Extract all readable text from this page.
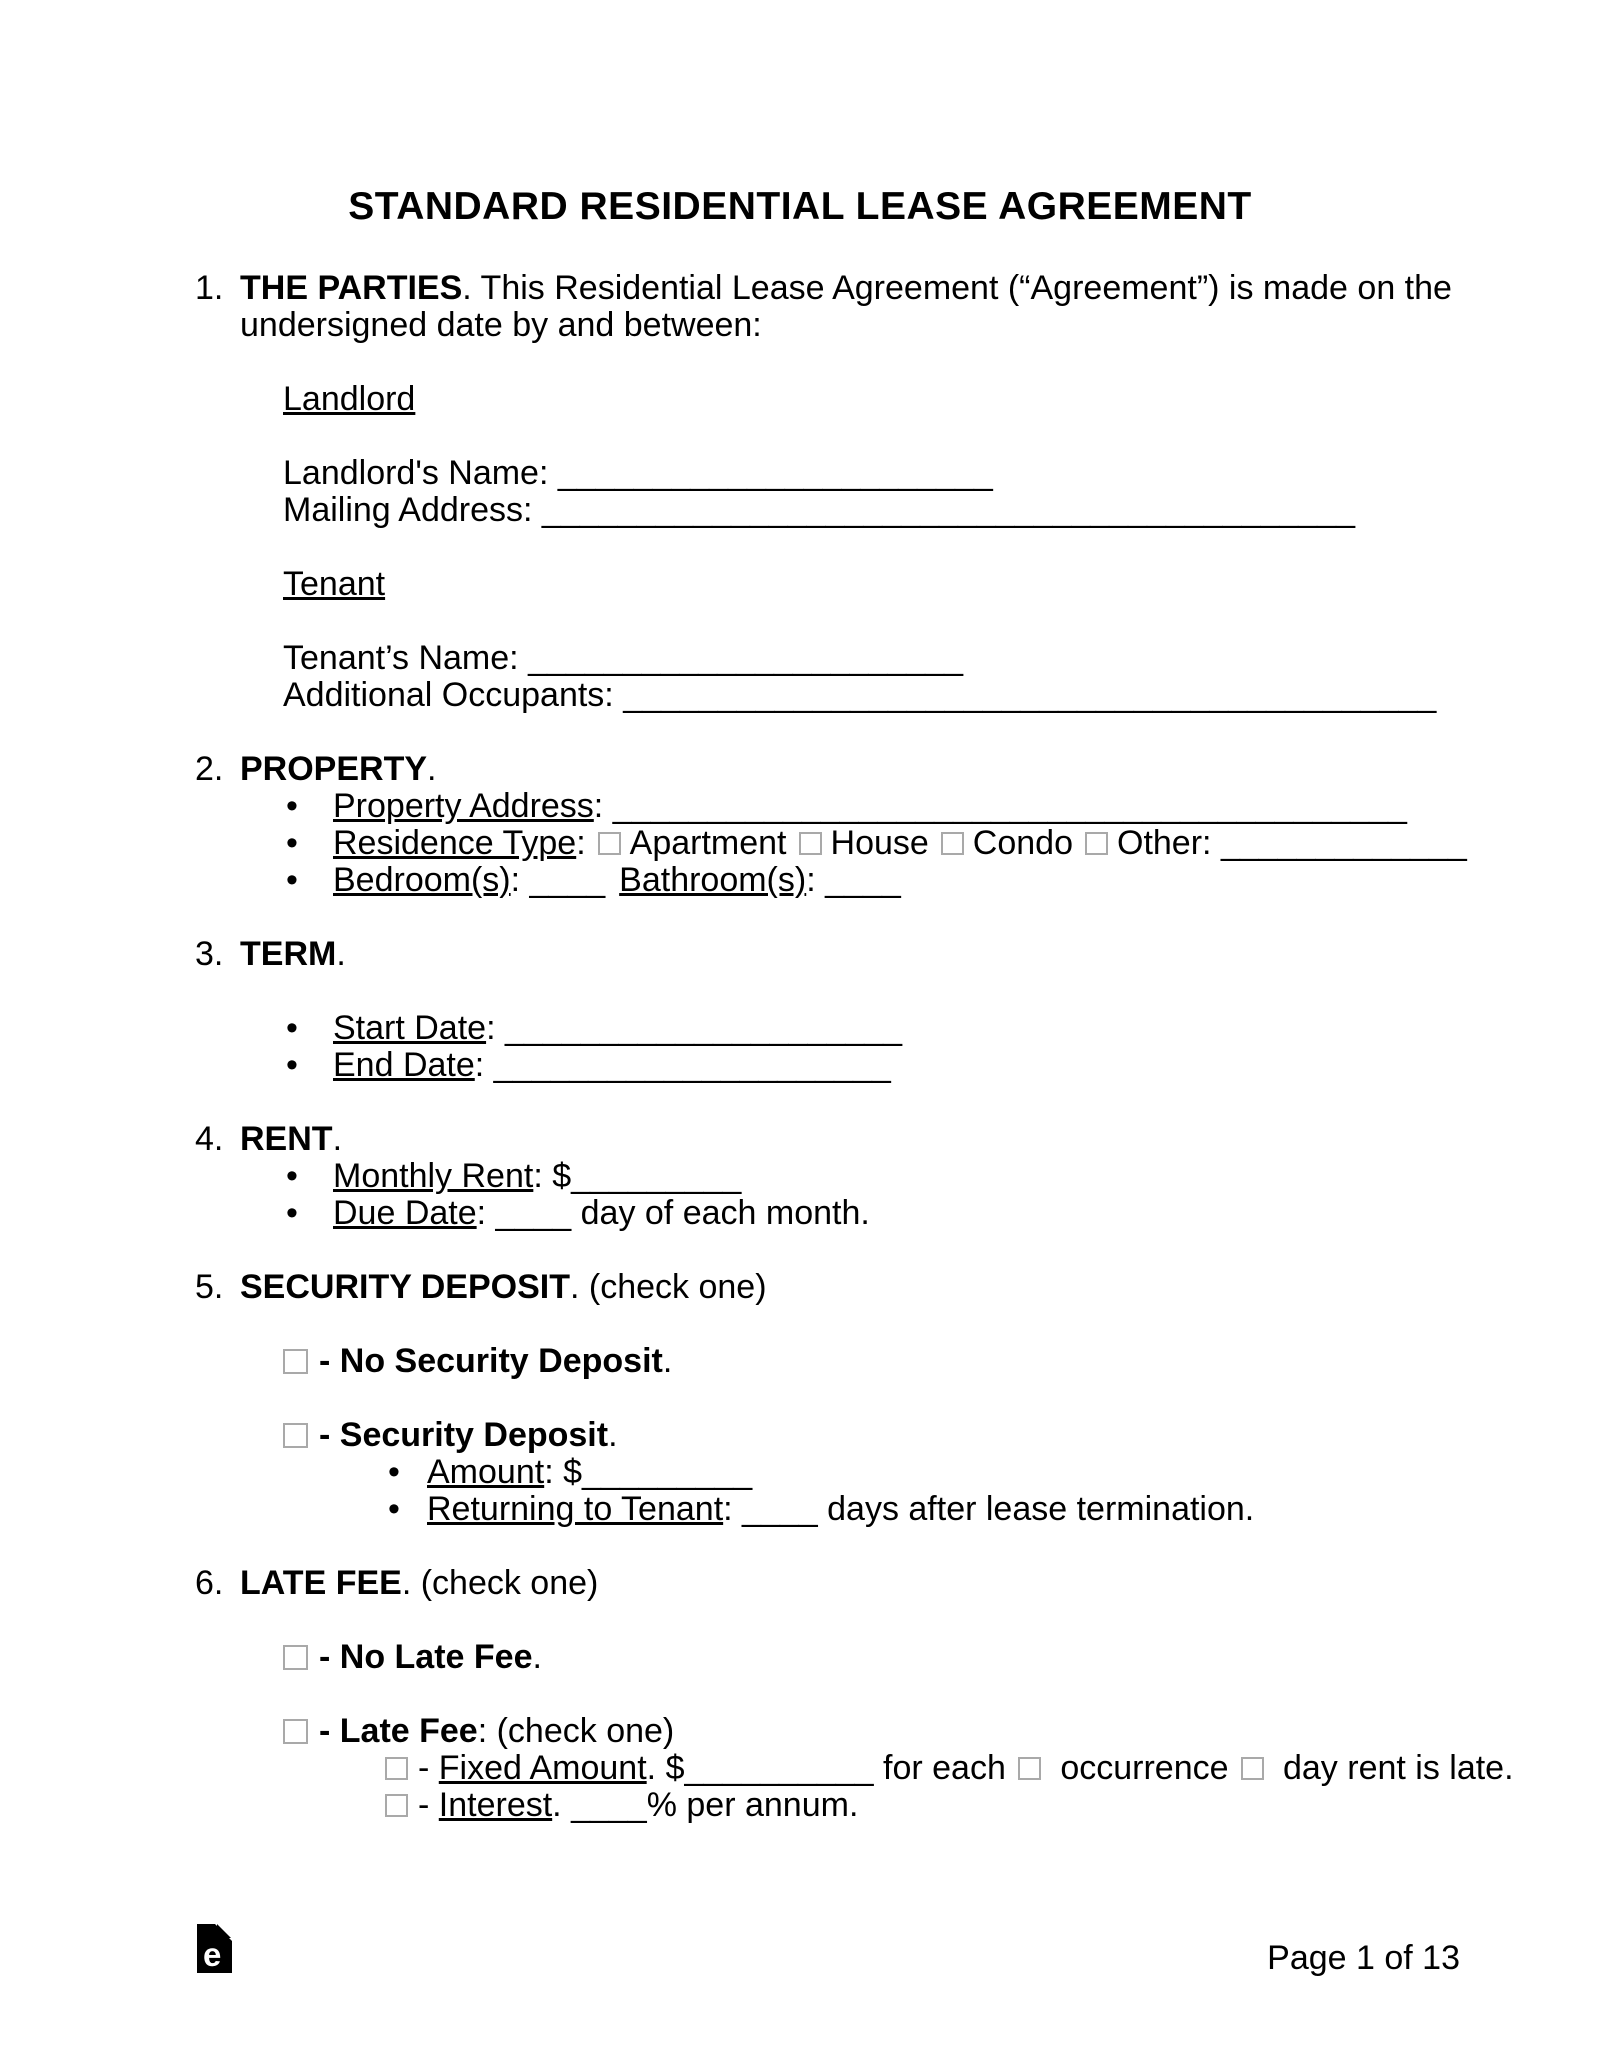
STANDARD RESIDENTIAL LEASE AGREEMENT
1. THE PARTIES. This Residential Lease Agreement (“Agreement”) is made on the
undersigned date by and between:
Landlord
Landlord's Name: _______________________
Mailing Address: ___________________________________________
Tenant
Tenant’s Name: _______________________
Additional Occupants: ___________________________________________
2. PROPERTY.
• Property Address: __________________________________________
• Residence Type: Apartment House Condo Other: _____________
• Bedroom(s): ____ Bathroom(s): ____
3. TERM.
• Start Date: _____________________
• End Date: _____________________
4. RENT.
• Monthly Rent: $_________
• Due Date: ____ day of each month.
5. SECURITY DEPOSIT. (check one)
- No Security Deposit.
- Security Deposit.
• Amount: $_________
• Returning to Tenant: ____ days after lease termination.
6. LATE FEE. (check one)
- No Late Fee.
- Late Fee: (check one)
- Fixed Amount. $__________ for each occurrence day rent is late.
- Interest. ____% per annum.
e	Page 1 of 13
